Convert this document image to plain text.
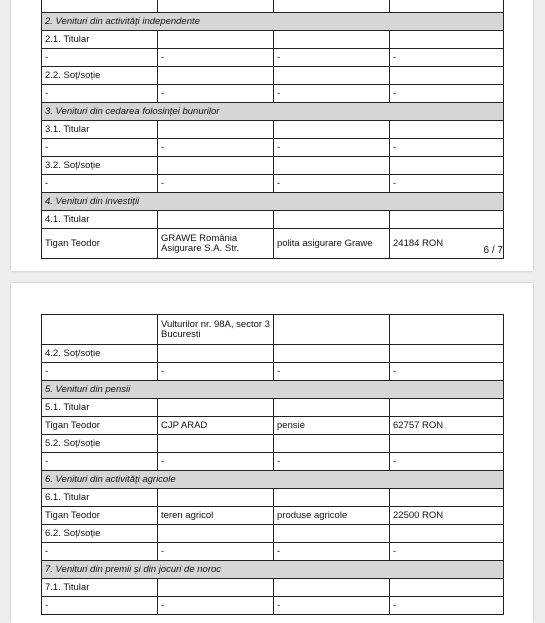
2. Venituri din activități independente			
2.1. Titular			
-	-	-	-
2.2. Soț/soție			
-	-	-	-
3. Venituri din cedarea folosinței bunurilor			
3.1. Titular			
-	-	-	-
3.2. Soț/soție			
-	-	-	-
4. Venituri din investiții			
4.1. Titular			
Tigan Teodor	GRAWE România Asigurare S.A. Str.	polita asigurare Grawe	24184 RON
6 / 7
	Vulturilor nr. 98A, sector 3 Bucuresti		
4.2. Soț/soție			
-	-	-	-
5. Venituri din pensii			
5.1. Titular			
Tigan Teodor	CJP ARAD	pensie	62757 RON
5.2. Soț/soție			
-	-	-	-
6. Venituri din activități agricole			
6.1. Titular			
Tigan Teodor	teren agricol	produse agricole	22500 RON
6.2. Soț/soție			
-	-	-	-
7. Venituri din premii și din jocuri de noroc			
7.1. Titular			
-	-	-	-
